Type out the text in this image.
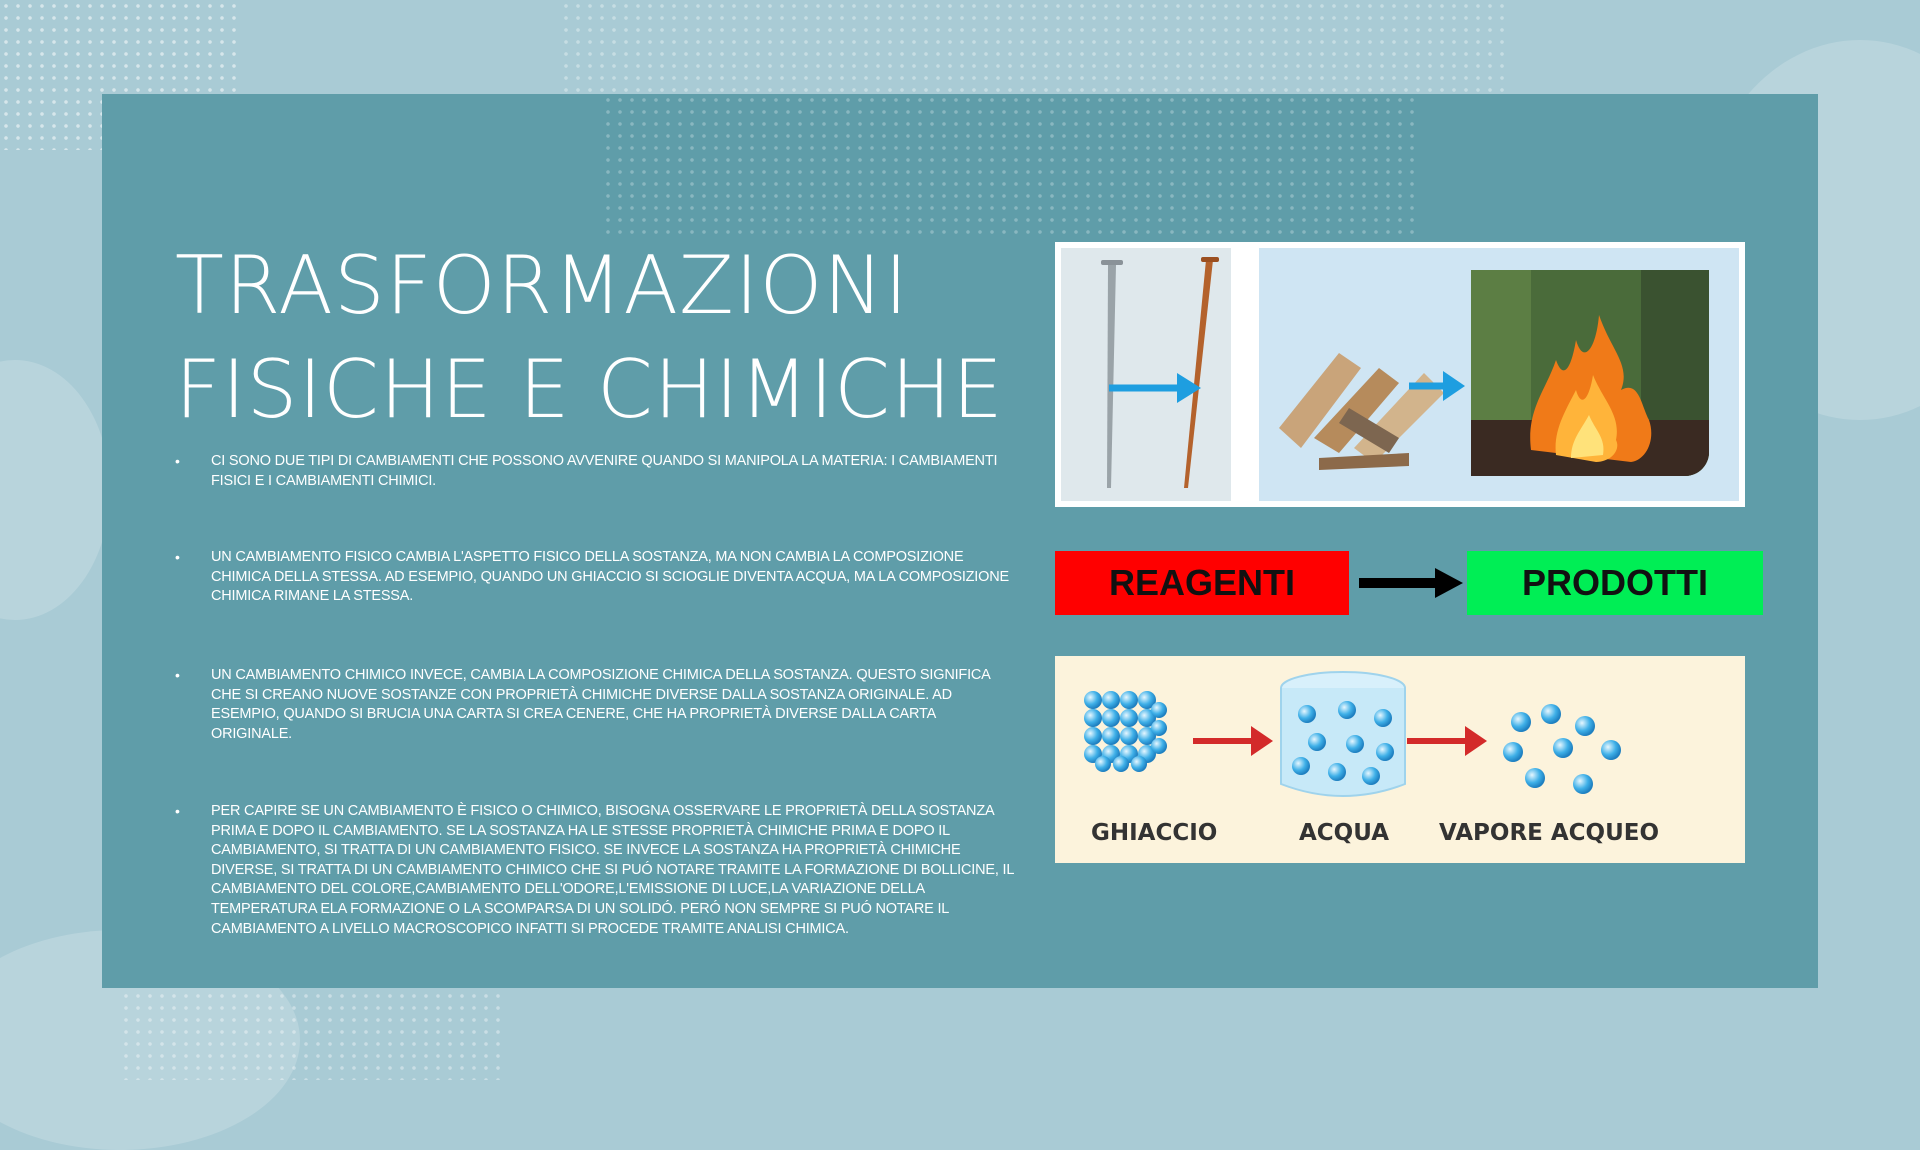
TRASFORMAZIONI
FISICHE E CHIMICHE
• CI SONO DUE TIPI DI CAMBIAMENTI CHE POSSONO AVVENIRE QUANDO SI MANIPOLA LA MATERIA: I CAMBIAMENTI FISICI E I CAMBIAMENTI CHIMICI.
• UN CAMBIAMENTO FISICO CAMBIA L'ASPETTO FISICO DELLA SOSTANZA, MA NON CAMBIA LA COMPOSIZIONE CHIMICA DELLA STESSA. AD ESEMPIO, QUANDO UN GHIACCIO SI SCIOGLIE DIVENTA ACQUA, MA LA COMPOSIZIONE CHIMICA RIMANE LA STESSA.
• UN CAMBIAMENTO CHIMICO INVECE, CAMBIA LA COMPOSIZIONE CHIMICA DELLA SOSTANZA. QUESTO SIGNIFICA CHE SI CREANO NUOVE SOSTANZE CON PROPRIETÀ CHIMICHE DIVERSE DALLA SOSTANZA ORIGINALE. AD ESEMPIO, QUANDO SI BRUCIA UNA CARTA SI CREA CENERE, CHE HA PROPRIETÀ DIVERSE DALLA CARTA ORIGINALE.
• PER CAPIRE SE UN CAMBIAMENTO È FISICO O CHIMICO, BISOGNA OSSERVARE LE PROPRIETÀ DELLA SOSTANZA PRIMA E DOPO IL CAMBIAMENTO. SE LA SOSTANZA HA LE STESSE PROPRIETÀ CHIMICHE PRIMA E DOPO IL CAMBIAMENTO, SI TRATTA DI UN CAMBIAMENTO FISICO. SE INVECE LA SOSTANZA HA PROPRIETÀ CHIMICHE DIVERSE, SI TRATTA DI UN CAMBIAMENTO CHIMICO CHE SI PUÓ NOTARE TRAMITE LA FORMAZIONE DI BOLLICINE, IL CAMBIAMENTO DEL COLORE,CAMBIAMENTO DELL'ODORE,L'EMISSIONE DI LUCE,LA VARIAZIONE DELLA TEMPERATURA ELA FORMAZIONE O LA SCOMPARSA DI UN SOLIDÓ. PERÓ NON SEMPRE SI PUÓ NOTARE IL CAMBIAMENTO A LIVELLO MACROSCOPICO INFATTI SI PROCEDE TRAMITE ANALISI CHIMICA.
REAGENTI	PRODOTTI
GHIACCIO	ACQUA VAPORE ACQUEO
